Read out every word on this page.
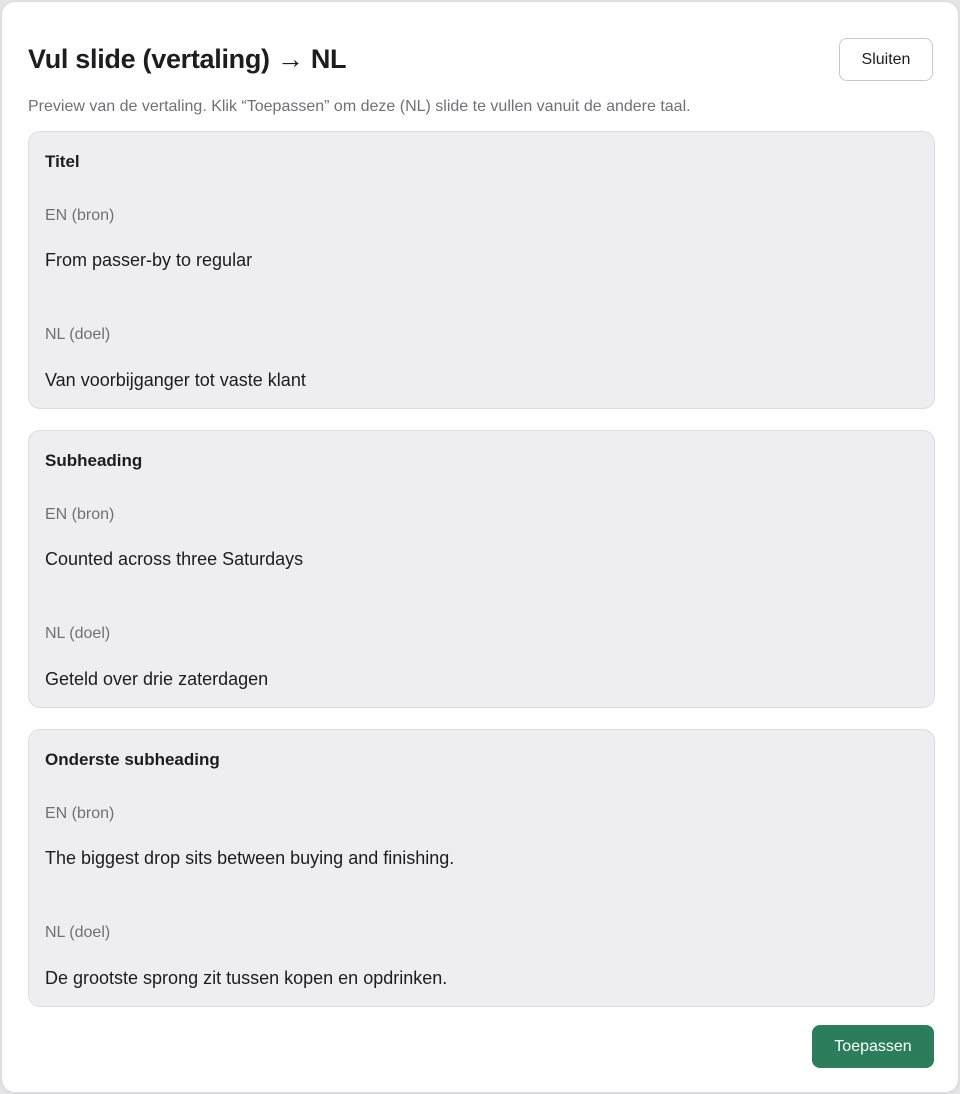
Vul slide (vertaling) → NL	Sluiten

Preview van de vertaling. Klik “Toepassen” om deze (NL) slide te vullen vanuit de andere taal.

Titel
EN (bron)
From passer-by to regular
NL (doel)
Van voorbijganger tot vaste klant
Subheading
EN (bron)
Counted across three Saturdays
NL (doel)
Geteld over drie zaterdagen
Onderste subheading
EN (bron)
The biggest drop sits between buying and finishing.
NL (doel)
De grootste sprong zit tussen kopen en opdrinken.
Toepassen
